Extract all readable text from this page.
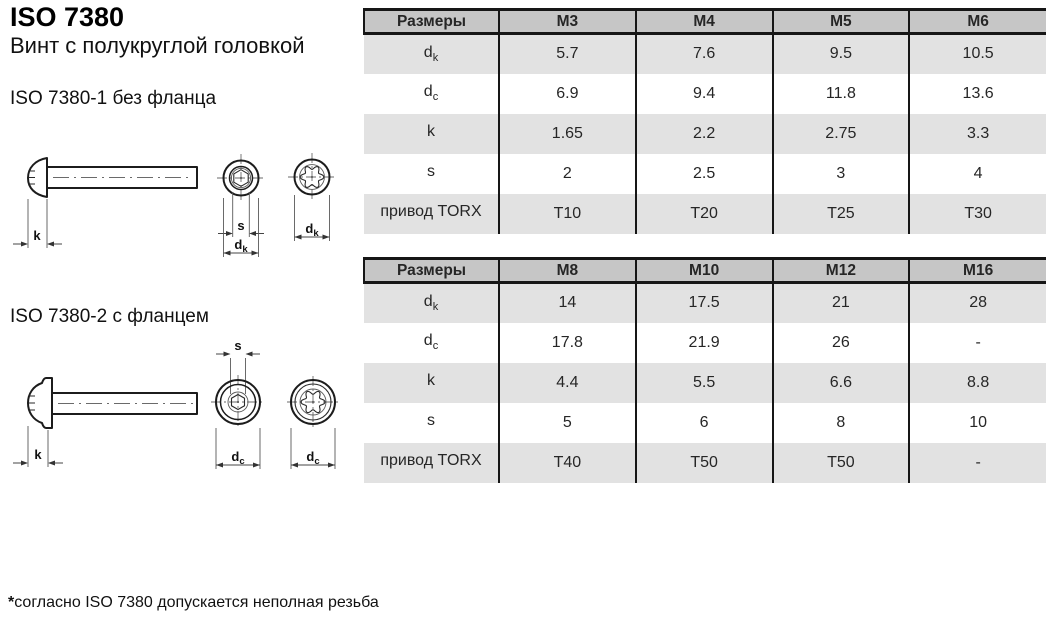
ISO 7380
Винт с полукруглой головкой
ISO 7380-1 без фланца
ISO 7380-2 с фланцем
k
s
$d_k$
$d_k$
k
s
$d_c$	$d_c$
Размеры	M3	M4	M5	M6
$d_k$	5.7	7.6	9.5	10.5
$d_c$	6.9	9.4	11.8	13.6
k	1.65	2.2	2.75	3.3
s	2	2.5	3	4
привод TORX	T10	T20	T25	T30
Размеры	M8	M10	M12	M16
$d_k$	14	17.5	21	28
$d_c$	17.8	21.9	26	-
k	4.4	5.5	6.6	8.8
s	5	6	8	10
привод TORX	T40	T50	T50	-
*согласно ISO 7380 допускается неполная резьба
